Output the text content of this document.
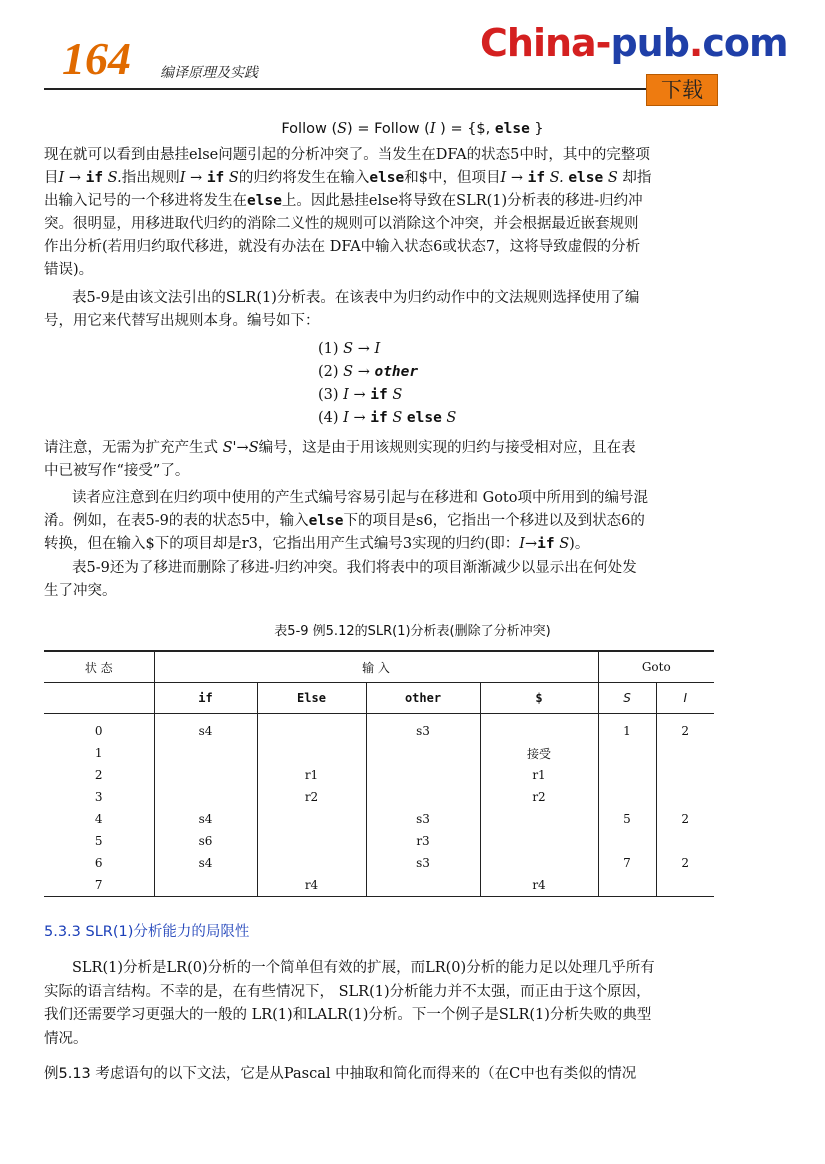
164 编译原理及实践
China-pub.com
下载
Follow (S) = Follow (I ) = {$, else }
现在就可以看到由悬挂else问题引起的分析冲突了。当发生在DFA的状态5中时，其中的完整项
目I → if S.指出规则I → if S的归约将发生在输入else和$中，但项目I → if S. else S 却指
出输入记号的一个移进将发生在else上。因此悬挂else将导致在SLR(1)分析表的移进-归约冲
突。很明显，用移进取代归约的消除二义性的规则可以消除这个冲突，并会根据最近嵌套规则
作出分析(若用归约取代移进，就没有办法在 DFA中输入状态6或状态7，这将导致虚假的分析
错误)。
表5-9是由该文法引出的SLR(1)分析表。在该表中为归约动作中的文法规则选择使用了编
号，用它来代替写出规则本身。编号如下：
(1) S → I
(2) S → other
(3) I → if S
(4) I → if S else S
请注意，无需为扩充产生式 S'→S编号，这是由于用该规则实现的归约与接受相对应，且在表
中已被写作“接受”了。
读者应注意到在归约项中使用的产生式编号容易引起与在移进和 Goto项中所用到的编号混
淆。例如，在表5-9的表的状态5中，输入else下的项目是s6，它指出一个移进以及到状态6的
转换，但在输入$下的项目却是r3，它指出用产生式编号3实现的归约(即：I→if S)。
表5-9还为了移进而删除了移进-归约冲突。我们将表中的项目渐渐减少以显示出在何处发
生了冲突。
表5-9 例5.12的SLR(1)分析表(删除了分析冲突)
状 态	输 入				Goto	
	if	Else	other	$	S	I
0	s4		s3		1	2
1				接受		
2		r1		r1		
3		r2		r2		
4	s4		s3		5	2
5	s6		r3			
6	s4		s3		7	2
7		r4		r4		
5.3.3 SLR(1)分析能力的局限性
SLR(1)分析是LR(0)分析的一个简单但有效的扩展，而LR(0)分析的能力足以处理几乎所有
实际的语言结构。不幸的是，在有些情况下， SLR(1)分析能力并不太强，而正由于这个原因，
我们还需要学习更强大的一般的 LR(1)和LALR(1)分析。下一个例子是SLR(1)分析失败的典型
情况。
例5.13 考虑语句的以下文法，它是从Pascal 中抽取和简化而得来的（在C中也有类似的情况
